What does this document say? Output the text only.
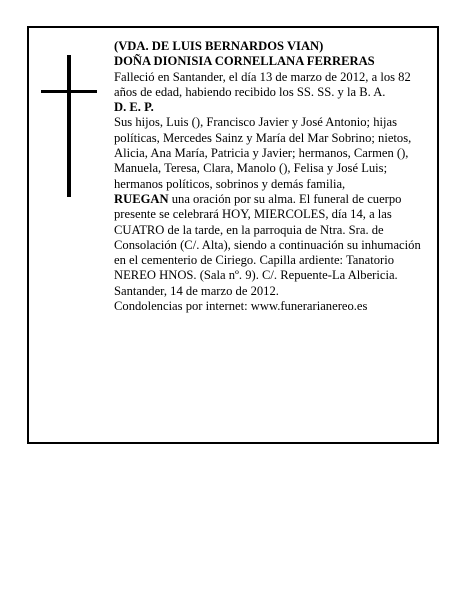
(VDA. DE LUIS BERNARDOS VIAN)

DOÑA DIONISIA CORNELLANA FERRERAS

Falleció en Santander, el día 13 de marzo de 2012, a los 82 años de edad, habiendo recibido los SS. SS. y la B. A.

D. E. P.

Sus hijos, Luis (), Francisco Javier y José Antonio; hijas políticas, Mercedes Sainz y María del Mar Sobrino; nietos, Alicia, Ana María, Patricia y Javier; hermanos, Carmen (), Manuela, Teresa, Clara, Manolo (), Felisa y José Luis; hermanos políticos, sobrinos y demás familia,

RUEGAN una oración por su alma. El funeral de cuerpo presente se celebrará HOY, MIERCOLES, día 14, a las CUATRO de la tarde, en la parroquia de Ntra. Sra. de Consolación (C/. Alta), siendo a continuación su inhumación en el cementerio de Ciriego. Capilla ardiente: Tanatorio NEREO HNOS. (Sala nº. 9). C/. Repuente-La Albericia.

Santander, 14 de marzo de 2012.

Condolencias por internet: www.funerarianereo.es
